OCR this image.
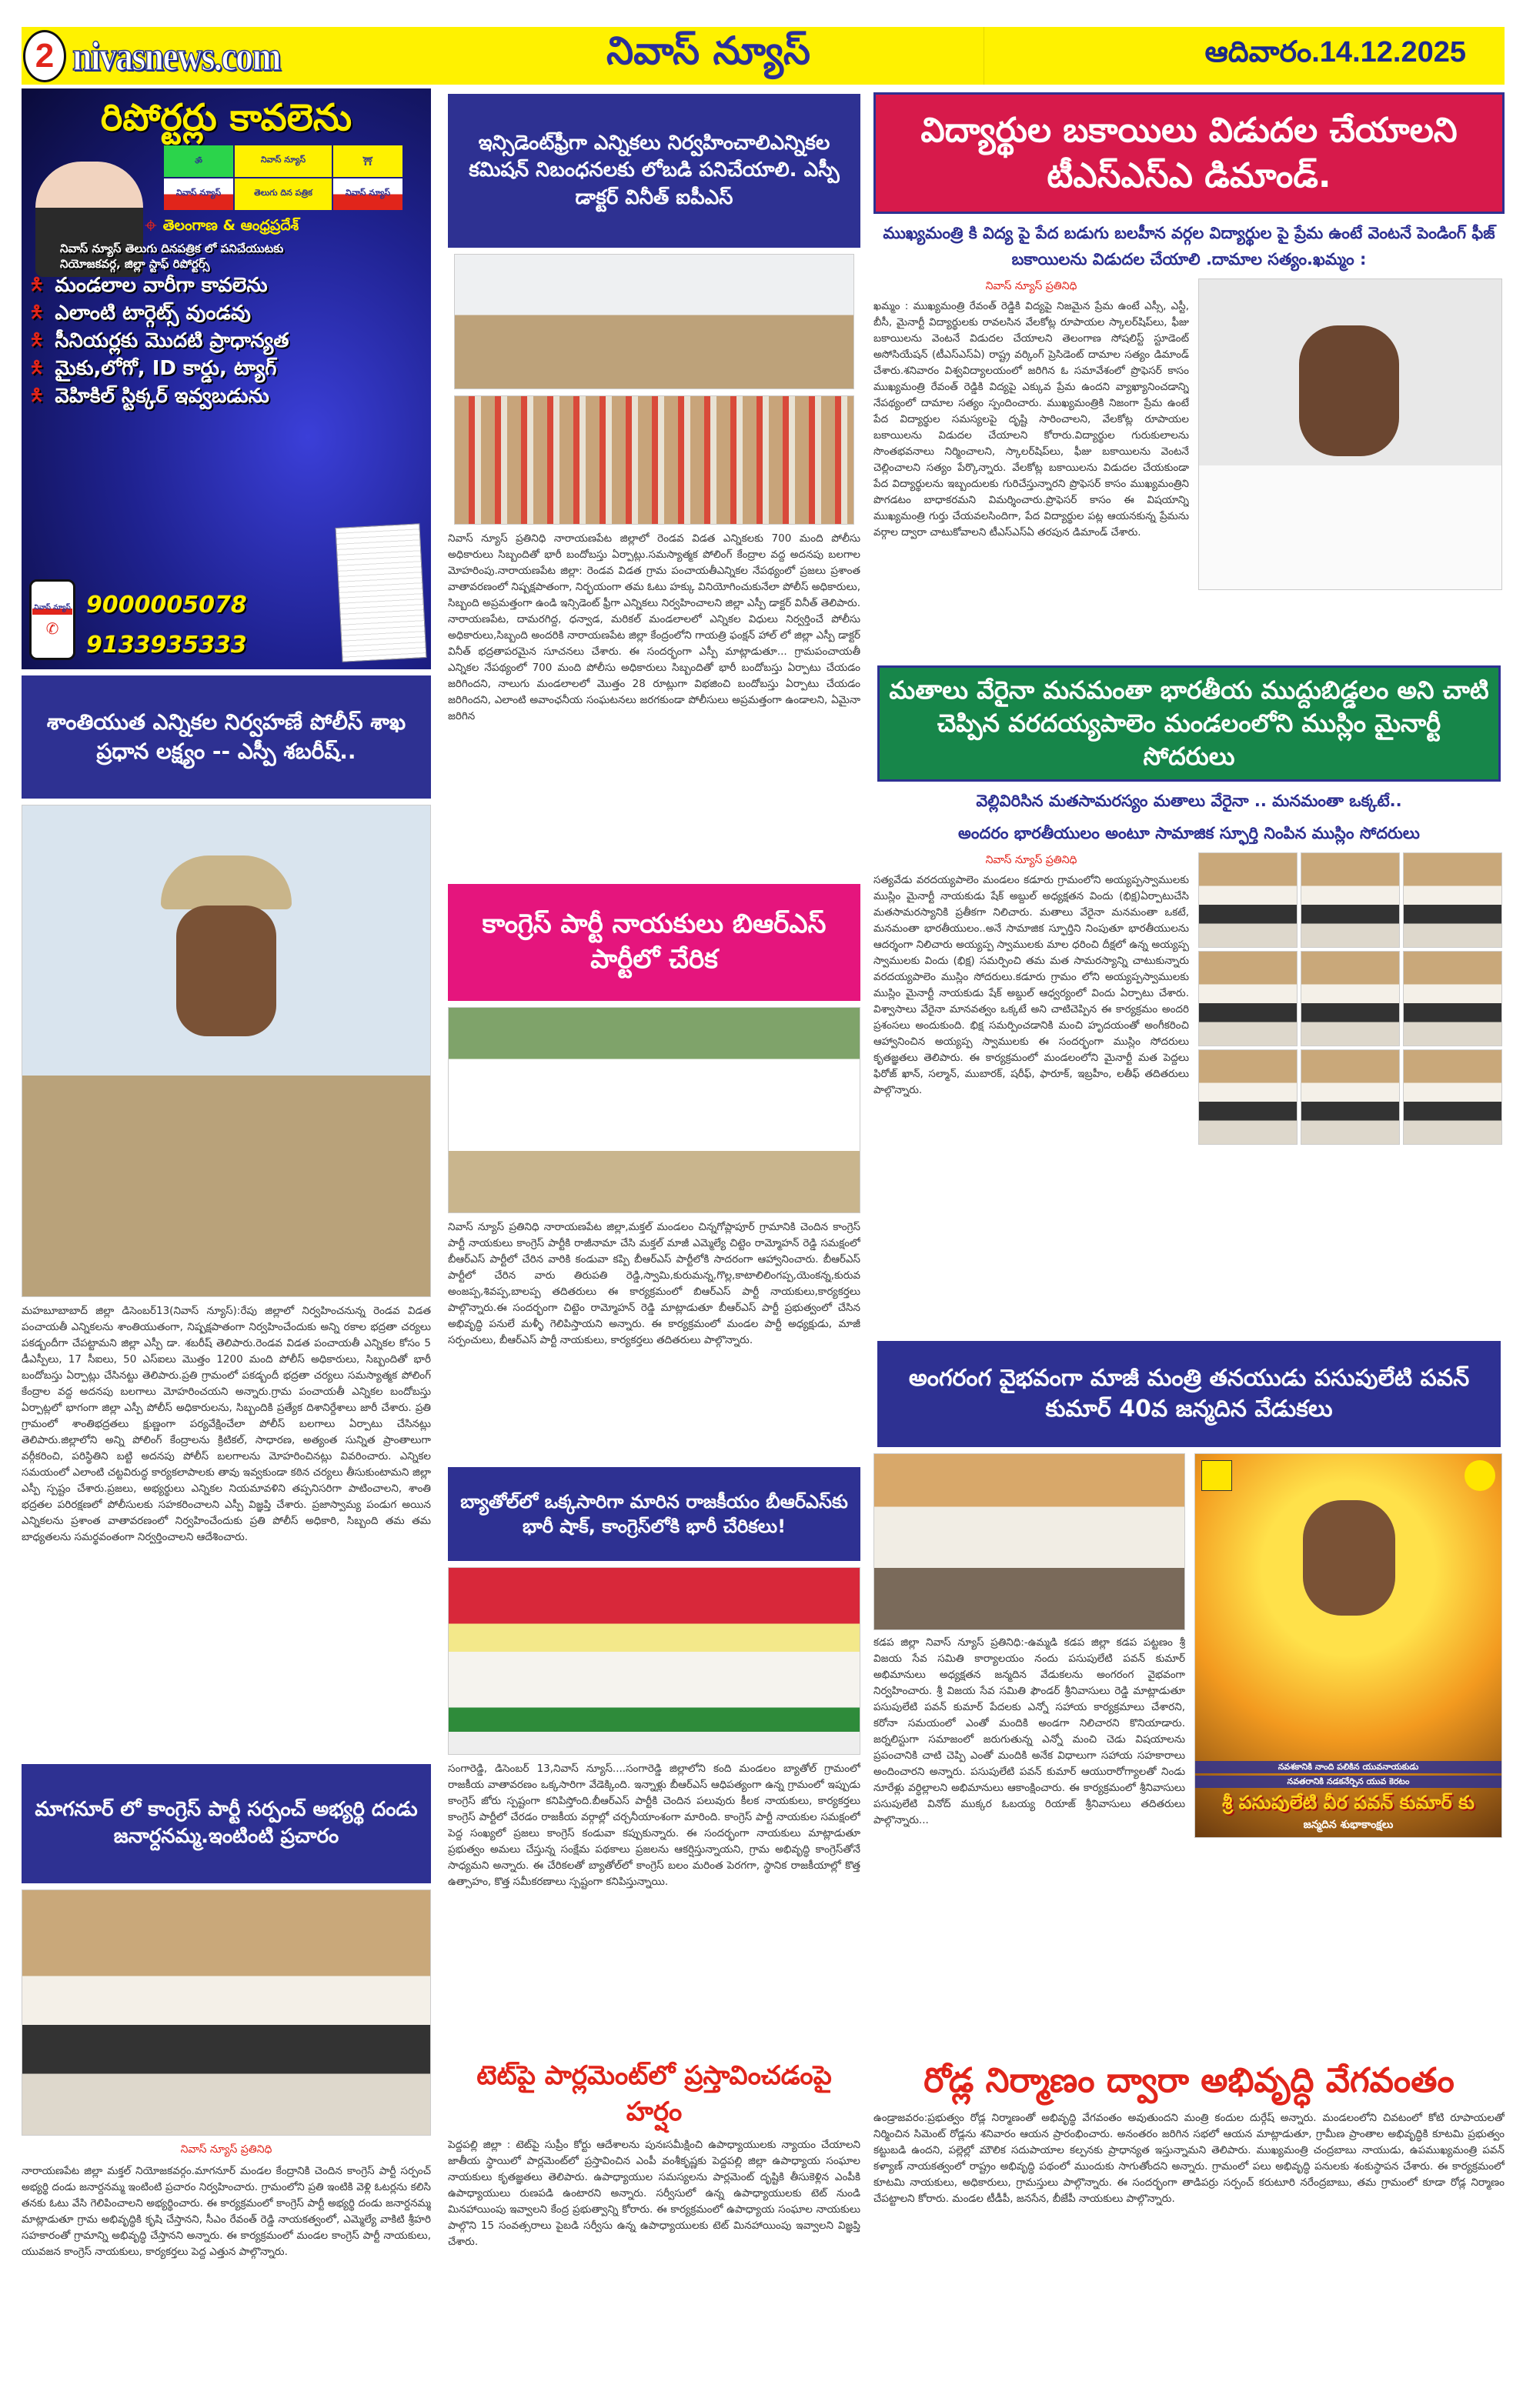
2 nivasnews.com	నివాస్ న్యూస్	ఆదివారం.14.12.2025
రిపోర్టర్లు కావలెను
ॐ	నివాస్ న్యూస్	⛩
నివాస్ న్యూస్	తెలుగు దిన పత్రిక	నివాస్ న్యూస్
⌖ తెలంగాణ & ఆంధ్రప్రదేశ్
నివాస్ న్యూస్ తెలుగు దినపత్రిక లో పనిచేయుటకు
నియోజకవర్గ, జిల్లా స్టాఫ్ రిపోర్టర్స్
🯅 మండలాల వారీగా కావలెను
🯅 ఎలాంటి టార్గెట్స్ వుండవు
🯅 సీనియర్లకు మొదటి ప్రాధాన్యత
🯅 మైకు,లోగో, ID కార్డు, ట్యాగ్
🯅 వెహికిల్ స్టిక్కర్ ఇవ్వబడును
నివాస్ న్యూస్
✆
9000005078
9133935333
శాంతియుత ఎన్నికల నిర్వహణే పోలీస్ శాఖ ప్రధాన లక్ష్యం -- ఎస్పీ శబరీష్..
మహబూబాబాద్ జిల్లా డిసెంబర్13(నివాస్ న్యూస్):రేపు జిల్లాలో నిర్వహించనున్న రెండవ విడత పంచాయతీ ఎన్నికలను శాంతియుతంగా, నిష్పక్షపాతంగా నిర్వహించేందుకు అన్ని రకాల భద్రతా చర్యలు పకడ్బందీగా చేపట్టామని జిల్లా ఎస్పీ డా. శబరీష్ తెలిపారు.రెండవ విడత పంచాయతీ ఎన్నికల కోసం 5 డీఎస్పీలు, 17 సీఐలు, 50 ఎస్ఐలు మొత్తం 1200 మంది పోలీస్ అధికారులు, సిబ్బందితో భారీ బందోబస్తు ఏర్పాట్లు చేసినట్టు తెలిపారు.ప్రతి గ్రామంలో పకడ్బందీ భద్రతా చర్యలు సమస్యాత్మక పోలింగ్ కేంద్రాల వద్ద అదనపు బలగాలు మోహరించయని అన్నారు.గ్రామ పంచాయతీ ఎన్నికల బందోబస్తు ఏర్పాట్లలో భాగంగా జిల్లా ఎస్పీ పోలీస్ అధికారులను, సిబ్బందికి ప్రత్యేక దిశానిర్దేశాలు జారీ చేశారు. ప్రతి గ్రామంలో శాంతిభద్రతలు క్షుణ్ణంగా పర్యవేక్షించేలా పోలీస్ బలగాలు ఏర్పాటు చేసినట్లు తెలిపారు.జిల్లాలోని అన్ని పోలింగ్ కేంద్రాలను క్రిటికల్, సాధారణ, అత్యంత సున్నిత ప్రాంతాలుగా వర్గీకరించి, పరిస్థితిని బట్టి అదనపు పోలీస్ బలగాలను మోహరించినట్లు వివరించారు. ఎన్నికల సమయంలో ఎలాంటి చట్టవిరుద్ధ కార్యకలాపాలకు తావు ఇవ్వకుండా కఠిన చర్యలు తీసుకుంటామని జిల్లా ఎస్పీ స్పష్టం చేశారు.ప్రజలు, అభ్యర్థులు ఎన్నికల నియమావళిని తప్పనిసరిగా పాటించాలని, శాంతి భద్రతల పరిరక్షణలో పోలీసులకు సహకరించాలని ఎస్పీ విజ్ఞప్తి చేశారు. ప్రజాస్వామ్య పండుగ అయిన ఎన్నికలను ప్రశాంత వాతావరణంలో నిర్వహించేందుకు ప్రతి పోలీస్ అధికారి, సిబ్బంది తమ తమ బాధ్యతలను సమర్థవంతంగా నిర్వర్తించాలని ఆదేశించారు.
మాగనూర్ లో కాంగ్రెస్ పార్టీ సర్పంచ్ అభ్యర్థి దండు జనార్దనమ్మ.ఇంటింటి ప్రచారం
నివాస్ న్యూస్ ప్రతినిధి
నారాయణపేట జిల్లా మక్తల్ నియోజకవర్గం.మాగనూర్ మండల కేంద్రానికి చెందిన కాంగ్రెస్ పార్టీ సర్పంచ్ అభ్యర్థి దండు జనార్దనమ్మ ఇంటింటి ప్రచారం నిర్వహించారు. గ్రామంలోని ప్రతి ఇంటికి వెళ్లి ఓటర్లను కలిసి తనకు ఓటు వేసి గెలిపించాలని అభ్యర్థించారు. ఈ కార్యక్రమంలో కాంగ్రెస్ పార్టీ అభ్యర్థి దండు జనార్దనమ్మ మాట్లాడుతూ గ్రామ అభివృద్ధికి కృషి చేస్తానని, సీఎం రేవంత్ రెడ్డి నాయకత్వంలో, ఎమ్మెల్యే వాకిటి శ్రీహరి సహకారంతో గ్రామాన్ని అభివృద్ధి చేస్తానని అన్నారు. ఈ కార్యక్రమంలో మండల కాంగ్రెస్ పార్టీ నాయకులు, యువజన కాంగ్రెస్ నాయకులు, కార్యకర్తలు పెద్ద ఎత్తున పాల్గొన్నారు.
ఇన్సిడెంట్‌ఫ్రీగా ఎన్నికలు నిర్వహించాలిఎన్నికల కమిషన్ నిబంధనలకు లోబడి పనిచేయాలి. ఎస్పీ డాక్టర్ వినీత్ ఐపీఎస్
నివాస్ న్యూస్ ప్రతినిధి నారాయణపేట జిల్లాలో రెండవ విడత ఎన్నికలకు 700 మంది పోలీసు అధికారులు సిబ్బందితో భారీ బందోబస్తు ఏర్పాట్లు.సమస్యాత్మక పోలింగ్ కేంద్రాల వద్ద అదనపు బలగాల మోహరింపు.నారాయణపేట జిల్లా: రెండవ విడత గ్రామ పంచాయతీఎన్నికల నేపథ్యంలో ప్రజలు ప్రశాంత వాతావరణంలో నిష్పక్షపాతంగా, నిర్భయంగా తమ ఓటు హక్కు వినియోగించుకునేలా పోలీస్ అధికారులు, సిబ్బంది అప్రమత్తంగా ఉండి ఇన్సిడెంట్ ఫ్రీగా ఎన్నికలు నిర్వహించాలని జిల్లా ఎస్పీ డాక్టర్ వినీత్ తెలిపారు. నారాయణపేట, దామరగిద్ద, ధన్వాడ, మరికల్ మండలాలలో ఎన్నికల విధులు నిర్వర్తించే పోలీసు అధికారులు,సిబ్బంది అందరికి నారాయణపేట జిల్లా కేంద్రంలోని గాయత్రి ఫంక్షన్ హాల్ లో జిల్లా ఎస్పీ డాక్టర్ వినీత్ భద్రతాపరమైన సూచనలు చేశారు. ఈ సందర్భంగా ఎస్పీ మాట్లాడుతూ... గ్రామపంచాయతీ ఎన్నికల నేపథ్యంలో 700 మంది పోలీసు అధికారులు సిబ్బందితో భారీ బందోబస్తు ఏర్పాటు చేయడం జరిగిందని, నాలుగు మండలాలలో మొత్తం 28 రూట్లుగా విభజించి బందోబస్తు ఏర్పాటు చేయడం జరిగిందని, ఎలాంటి అవాంఛనీయ సంఘటనలు జరగకుండా పోలీసులు అప్రమత్తంగా ఉండాలని, ఏమైనా జరిగిన
కాంగ్రెస్ పార్టీ నాయకులు బిఆర్ఎస్ పార్టీలో చేరిక
నివాస్ న్యూస్ ప్రతినిధి నారాయణపేట జిల్లా,మక్తల్ మండలం చిన్నగోప్లాపూర్ గ్రామానికి చెందిన కాంగ్రెస్ పార్టీ నాయకులు కాంగ్రెస్ పార్టీకి రాజీనామా చేసి మక్తల్ మాజీ ఎమ్మెల్యే చిట్టెం రామ్మోహన్ రెడ్డి సమక్షంలో బీఆర్ఎస్ పార్టీలో చేరిన వారికి కండువా కప్పి బీఆర్ఎస్ పార్టీలోకి సాదరంగా ఆహ్వానించారు. బీఆర్ఎస్ పార్టీలో చేరిన వారు తిరుపతి రెడ్డి,స్వామి,కురుమన్న,గొల్ల,కాటాలిలింగప్ప,యెంకన్న,కురువ అంజప్ప,శివప్ప,బాలప్ప తదితరులు ఈ కార్యక్రమంలో బిఆర్ఎస్ పార్టీ నాయకులు,కార్యకర్తలు పాల్గొన్నారు.ఈ సందర్భంగా చిట్టెం రామ్మోహన్ రెడ్డి మాట్లాడుతూ బీఆర్ఎస్ పార్టీ ప్రభుత్వంలో చేసిన అభివృద్ధి పనులే మళ్ళీ గెలిపిస్తాయని అన్నారు. ఈ కార్యక్రమంలో మండల పార్టీ అధ్యక్షుడు, మాజీ సర్పంచులు, బీఆర్ఎస్ పార్టీ నాయకులు, కార్యకర్తలు తదితరులు పాల్గొన్నారు.
బ్యాతోల్‌లో ఒక్కసారిగా మారిన రాజకీయం బీఆర్ఎస్‌కు భారీ షాక్, కాంగ్రెస్‌లోకి భారీ చేరికలు!
సంగారెడ్డి, డిసెంబర్ 13,నివాస్ న్యూస్....సంగారెడ్డి జిల్లాలోని కంది మండలం బ్యాతోల్ గ్రామంలో రాజకీయ వాతావరణం ఒక్కసారిగా వేడెక్కింది. ఇన్నాళ్లు బీఆర్ఎస్ ఆధిపత్యంగా ఉన్న గ్రామంలో ఇప్పుడు కాంగ్రెస్ జోరు స్పష్టంగా కనిపిస్తోంది.బీఆర్ఎస్ పార్టీకి చెందిన పలువురు కీలక నాయకులు, కార్యకర్తలు కాంగ్రెస్ పార్టీలో చేరడం రాజకీయ వర్గాల్లో చర్చనీయాంశంగా మారింది. కాంగ్రెస్ పార్టీ నాయకుల సమక్షంలో పెద్ద సంఖ్యలో ప్రజలు కాంగ్రెస్ కండువా కప్పుకున్నారు. ఈ సందర్భంగా నాయకులు మాట్లాడుతూ ప్రభుత్వం అమలు చేస్తున్న సంక్షేమ పథకాలు ప్రజలను ఆకర్షిస్తున్నాయని, గ్రామ అభివృద్ధి కాంగ్రెస్‌తోనే సాధ్యమని అన్నారు. ఈ చేరికలతో బ్యాతోల్‌లో కాంగ్రెస్ బలం మరింత పెరగగా, స్థానిక రాజకీయాల్లో కొత్త ఉత్సాహం, కొత్త సమీకరణాలు స్పష్టంగా కనిపిస్తున్నాయి.
టెట్‌పై పార్లమెంట్‌లో ప్రస్తావించడంపై హర్షం
పెద్దపల్లి జిల్లా : టెట్‌పై సుప్రీం కోర్టు ఆదేశాలను పునఃసమీక్షించి ఉపాధ్యాయులకు న్యాయం చేయాలని జాతీయ స్థాయిలో పార్లమెంట్‌లో ప్రస్తావించిన ఎంపీ వంశీకృష్ణకు పెద్దపల్లి జిల్లా ఉపాధ్యాయ సంఘాల నాయకులు కృతజ్ఞతలు తెలిపారు. ఉపాధ్యాయుల సమస్యలను పార్లమెంట్ దృష్టికి తీసుకెళ్లిన ఎంపీకి ఉపాధ్యాయులు రుణపడి ఉంటారని అన్నారు. సర్వీసులో ఉన్న ఉపాధ్యాయులకు టెట్ నుండి మినహాయింపు ఇవ్వాలని కేంద్ర ప్రభుత్వాన్ని కోరారు. ఈ కార్యక్రమంలో ఉపాధ్యాయ సంఘాల నాయకులు పాల్గొని 15 సంవత్సరాలు పైబడి సర్వీసు ఉన్న ఉపాధ్యాయులకు టెట్ మినహాయింపు ఇవ్వాలని విజ్ఞప్తి చేశారు.
విద్యార్థుల బకాయిలు విడుదల చేయాలని టీఎస్ఎస్ఎ డిమాండ్.
ముఖ్యమంత్రి కి విద్య పై పేద బడుగు బలహీన వర్గల విద్యార్థుల పై ప్రేమ ఉంటే వెంటనే పెండింగ్ ఫీజ్ బకాయిలను విడుదల చేయాలి .దామాల సత్యం.ఖమ్మం :
నివాస్ న్యూస్ ప్రతినిధి
ఖమ్మం : ముఖ్యమంత్రి రేవంత్ రెడ్డికి విద్యపై నిజమైన ప్రేమ ఉంటే ఎస్సీ, ఎస్టీ, బీసీ, మైనార్టీ విద్యార్థులకు రావలసిన వేలకోట్ల రూపాయల స్కాలర్‌షిప్‌లు, ఫీజు బకాయిలను వెంటనే విడుదల చేయాలని తెలంగాణ సోషలిస్ట్ స్టూడెంట్ అసోసియేషన్ (టీఎస్ఎస్ఏ) రాష్ట్ర వర్కింగ్ ప్రెసిడెంట్ దామాల సత్యం డిమాండ్ చేశారు.శనివారం విశ్వవిద్యాలయంలో జరిగిన ఓ సమావేశంలో ప్రొఫెసర్ కాసం ముఖ్యమంత్రి రేవంత్ రెడ్డికి విద్యపై ఎక్కువ ప్రేమ ఉందని వ్యాఖ్యానించడాన్ని నేపథ్యంలో దామాల సత్యం స్పందించారు. ముఖ్యమంత్రికి నిజంగా ప్రేమ ఉంటే పేద విద్యార్థుల సమస్యలపై దృష్టి సారించాలని, వేలకోట్ల రూపాయల బకాయిలను విడుదల చేయాలని కోరారు.విద్యార్థుల గురుకులాలను సొంతభవనాలు నిర్మించాలని, స్కాలర్‌షిప్‌లు, ఫీజు బకాయిలను వెంటనే చెల్లించాలని సత్యం పేర్కొన్నారు. వేలకోట్ల బకాయిలను విడుదల చేయకుండా పేద విద్యార్థులను ఇబ్బందులకు గురిచేస్తున్నారని ప్రొఫెసర్ కాసం ముఖ్యమంత్రిని పొగడటం బాధాకరమని విమర్శించారు.ప్రొఫెసర్ కాసం ఈ విషయాన్ని ముఖ్యమంత్రి గుర్తు చేయవలసిందిగా, పేద విద్యార్థుల పట్ల ఆయనకున్న ప్రేమను వర్గాల ద్వారా చాటుకోవాలని టీఎస్ఎస్ఏ తరపున డిమాండ్ చేశారు.
మతాలు వేరైనా మనమంతా భారతీయ ముద్దుబిడ్డలం అని చాటి చెప్పిన వరదయ్యపాలెం మండలంలోని ముస్లిం మైనార్టీ సోదరులు
వెల్లివిరిసిన మతసామరస్యం మతాలు వేరైనా .. మనమంతా ఒక్కటే..
అందరం భారతీయులం అంటూ సామాజిక స్ఫూర్తి నింపిన ముస్లిం సోదరులు
నివాస్ న్యూస్ ప్రతినిధి
సత్యవేడు వరదయ్యపాలెం మండలం కడూరు గ్రామంలోని అయ్యప్పస్వాములకు ముస్లిం మైనార్టీ నాయకుడు షేక్ అబ్దుల్ అధ్యక్షతన విందు (భిక్ష)ఏర్పాటుచేసి మతసామరస్యానికి ప్రతీకగా నిలిచారు. మతాలు వేరైనా మనమంతా ఒకటే, మనమంతా భారతీయులం..అనే సామాజిక స్ఫూర్తిని నింపుతూ భారతీయులను ఆదర్శంగా నిలిచారు అయ్యప్ప స్వాములకు మాల ధరించి దీక్షలో ఉన్న అయ్యప్ప స్వాములకు విందు (భిక్ష) సమర్పించి తమ మత సామరస్యాన్ని చాటుకున్నారు వరదయ్యపాలెం ముస్లిం సోదరులు.కడూరు గ్రామం లోని అయ్యప్పస్వాములకు ముస్లిం మైనార్టీ నాయకుడు షేక్ అబ్దుల్ ఆధ్వర్యంలో విందు ఏర్పాటు చేశారు. విశ్వాసాలు వేరైనా మానవత్వం ఒక్కటే అని చాటిచెప్పిన ఈ కార్యక్రమం అందరి ప్రశంసలు అందుకుంది. భిక్ష సమర్పించడానికి మంచి హృదయంతో అంగీకరించి ఆహ్వానించిన అయ్యప్ప స్వాములకు ఈ సందర్భంగా ముస్లిం సోదరులు కృతజ్ఞతలు తెలిపారు. ఈ కార్యక్రమంలో మండలంలోని మైనార్టీ మత పెద్దలు ఫిరోజ్ ఖాన్, సల్మాన్, ముబారక్, షరీఫ్, ఫారూక్, ఇబ్రహీం, లతీఫ్ తదితరులు పాల్గొన్నారు.
అంగరంగ వైభవంగా మాజీ మంత్రి తనయుడు పసుపులేటి పవన్ కుమార్ 40వ జన్మదిన వేడుకలు
కడప జిల్లా నివాస్ న్యూస్ ప్రతినిధి:-ఉమ్మడి కడప జిల్లా కడప పట్టణం శ్రీ విజయ సేవ సమితి కార్యాలయం నందు పసుపులేటి పవన్ కుమార్ అభిమానులు అధ్యక్షతన జన్మదిన వేడుకలను అంగరంగ వైభవంగా నిర్వహించారు. శ్రీ విజయ సేవ సమితి ఫౌండర్ శ్రీనివాసులు రెడ్డి మాట్లాడుతూ పసుపులేటి పవన్ కుమార్ పేదలకు ఎన్నో సహాయ కార్యక్రమాలు చేశారని, కరోనా సమయంలో ఎంతో మందికి అండగా నిలిచారని కొనియాడారు. జర్నలిస్టుగా సమాజంలో జరుగుతున్న ఎన్నో మంచి చెడు విషయాలను ప్రపంచానికి చాటి చెప్పి ఎంతో మందికి అనేక విధాలుగా సహాయ సహకారాలు అందించారని అన్నారు. పసుపులేటి పవన్ కుమార్ ఆయురారోగ్యాలతో నిండు నూరేళ్లు వర్ధిల్లాలని అభిమానులు ఆకాంక్షించారు. ఈ కార్యక్రమంలో శ్రీనివాసులు పసుపులేటి వినోద్ ముక్కర ఓబయ్య రియాజ్ శ్రీనివాసులు తదితరులు పాల్గొన్నారు...
నవశకానికి నాంది పలికిన యువనాయకుడు
నవతరానికి నడకనేర్పిన యువ కెరటం
శ్రీ పసుపులేటి వీర పవన్ కుమార్ కు
జన్మదిన శుభాకాంక్షలు
రోడ్ల నిర్మాణం ద్వారా అభివృద్ధి వేగవంతం
ఉండ్రాజవరం:ప్రభుత్వం రోడ్ల నిర్మాణంతో అభివృద్ధి వేగవంతం అవుతుందని మంత్రి కందుల దుర్గేష్ అన్నారు. మండలంలోని చివటంలో కోటి రూపాయలతో నిర్మించిన సిమెంట్ రోడ్లను శనివారం ఆయన ప్రారంభించారు. అనంతరం జరిగిన సభలో ఆయన మాట్లాడుతూ, గ్రామీణ ప్రాంతాల అభివృద్ధికి కూటమి ప్రభుత్వం కట్టుబడి ఉందని, పల్లెల్లో మౌలిక సదుపాయాల కల్పనకు ప్రాధాన్యత ఇస్తున్నామని తెలిపారు. ముఖ్యమంత్రి చంద్రబాబు నాయుడు, ఉపముఖ్యమంత్రి పవన్ కళ్యాణ్ నాయకత్వంలో రాష్ట్రం అభివృద్ధి పథంలో ముందుకు సాగుతోందని అన్నారు. గ్రామంలో పలు అభివృద్ధి పనులకు శంకుస్థాపన చేశారు. ఈ కార్యక్రమంలో కూటమి నాయకులు, అధికారులు, గ్రామస్తులు పాల్గొన్నారు. ఈ సందర్భంగా తాడిపర్రు సర్పంచ్ కరుటూరి నరేంద్రబాబు, తమ గ్రామంలో కూడా రోడ్ల నిర్మాణం చేపట్టాలని కోరారు. మండల టీడీపీ, జనసేన, బీజేపీ నాయకులు పాల్గొన్నారు.
